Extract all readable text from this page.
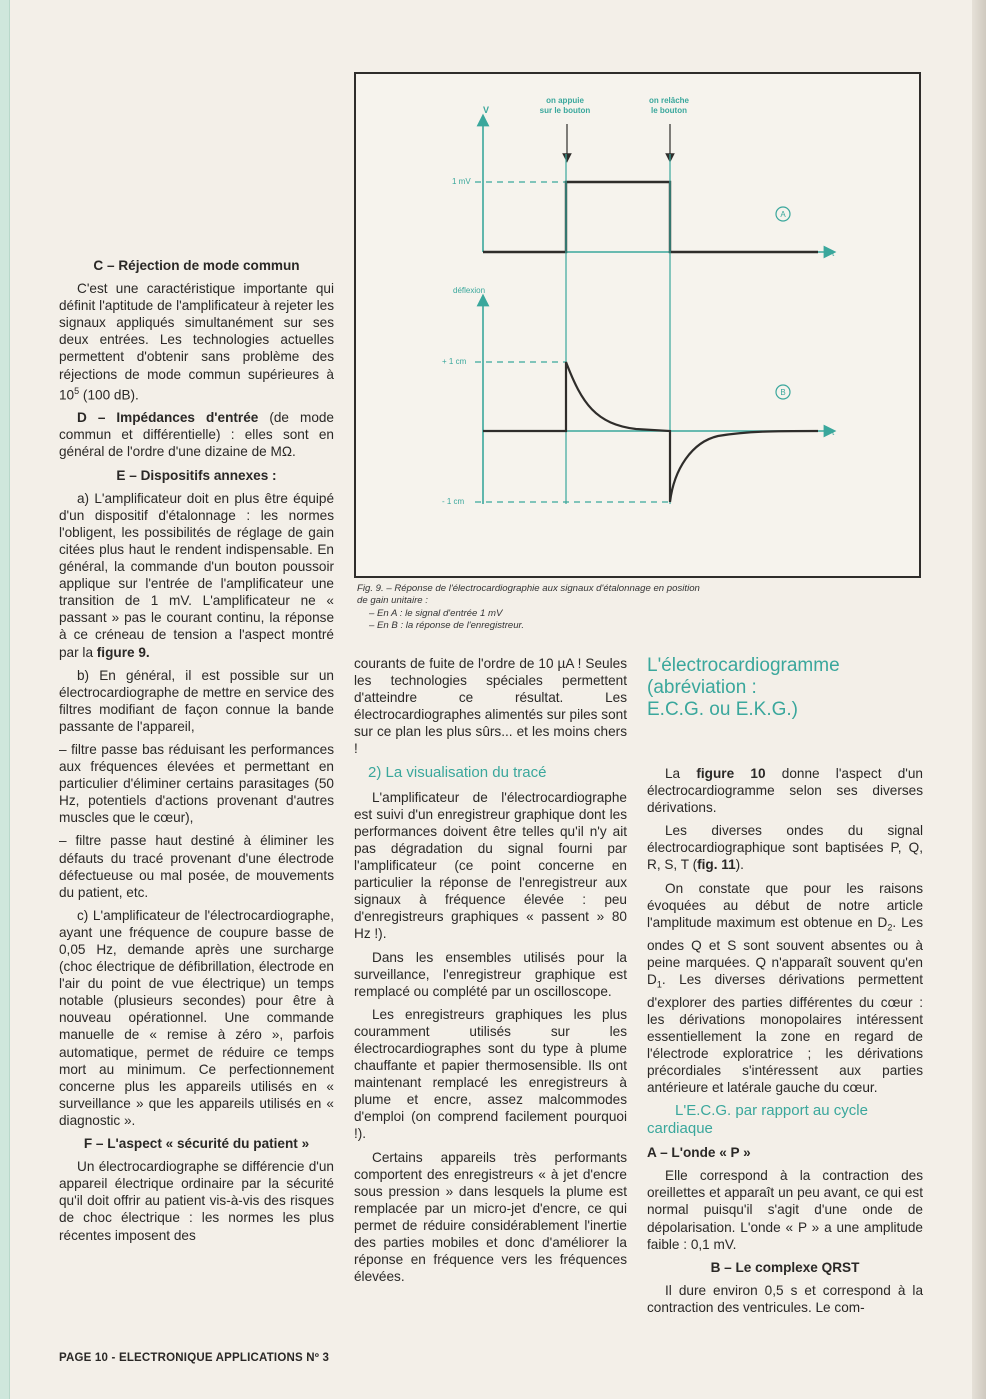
V
on appuie
sur le bouton
on relâche
le bouton
t
1 mV
A
déflexion
t
+ 1 cm
- 1 cm
B
Fig. 9. – Réponse de l'électrocardiographie aux signaux d'étalonnage en position
de gain unitaire :
– En A : le signal d'entrée 1 mV
– En B : la réponse de l'enregistreur.
C – Réjection de mode commun

C'est une caractéristique importante qui définit l'aptitude de l'amplificateur à rejeter les signaux appliqués simultanément sur ses deux entrées. Les technologies actuelles permettent d'obtenir sans problème des réjections de mode commun supérieures à $10^5$ (100 dB).

D – Impédances d'entrée (de mode commun et différentielle) : elles sont en général de l'ordre d'une dizaine de MΩ.

E – Dispositifs annexes :

a) L'amplificateur doit en plus être équipé d'un dispositif d'étalonnage : les normes l'obligent, les possibilités de réglage de gain citées plus haut le rendent indispensable. En général, la commande d'un bouton poussoir applique sur l'entrée de l'amplificateur une transition de 1 mV. L'amplificateur ne « passant » pas le courant continu, la réponse à ce créneau de tension a l'aspect montré par la figure 9.

b) En général, il est possible sur un électrocardiographe de mettre en service des filtres modifiant de façon connue la bande passante de l'appareil,

– filtre passe bas réduisant les performances aux fréquences élevées et permettant en particulier d'éliminer certains parasitages (50 Hz, potentiels d'actions provenant d'autres muscles que le cœur),

– filtre passe haut destiné à éliminer les défauts du tracé provenant d'une électrode défectueuse ou mal posée, de mouvements du patient, etc.

c) L'amplificateur de l'électrocardiographe, ayant une fréquence de coupure basse de 0,05 Hz, demande après une surcharge (choc électrique de défibrillation, électrode en l'air du point de vue électrique) un temps notable (plusieurs secondes) pour être à nouveau opérationnel. Une commande manuelle de « remise à zéro », parfois automatique, permet de réduire ce temps mort au minimum. Ce perfectionnement concerne plus les appareils utilisés en « surveillance » que les appareils utilisés en « diagnostic ».

F – L'aspect « sécurité du patient »

Un électrocardiographe se différencie d'un appareil électrique ordinaire par la sécurité qu'il doit offrir au patient vis-à-vis des risques de choc électrique : les normes les plus récentes imposent des

courants de fuite de l'ordre de 10 µA ! Seules les technologies spéciales permettent d'atteindre ce résultat. Les électrocardiographes alimentés sur piles sont sur ce plan les plus sûrs... et les moins chers !

2) La visualisation du tracé

L'amplificateur de l'électrocardiographe est suivi d'un enregistreur graphique dont les performances doivent être telles qu'il n'y ait pas dégradation du signal fourni par l'amplificateur (ce point concerne en particulier la réponse de l'enregistreur aux signaux à fréquence élevée : peu d'enregistreurs graphiques « passent » 80 Hz !).

Dans les ensembles utilisés pour la surveillance, l'enregistreur graphique est remplacé ou complété par un oscilloscope.

Les enregistreurs graphiques les plus couramment utilisés sur les électrocardiographes sont du type à plume chauffante et papier thermosensible. Ils ont maintenant remplacé les enregistreurs à plume et encre, assez malcommodes d'emploi (on comprend facilement pourquoi !).

Certains appareils très performants comportent des enregistreurs « à jet d'encre sous pression » dans lesquels la plume est remplacée par un micro-jet d'encre, ce qui permet de réduire considérablement l'inertie des parties mobiles et donc d'améliorer la réponse en fréquence vers les fréquences élevées.

L'électrocardiogramme
(abréviation :
E.C.G. ou E.K.G.)

La figure 10 donne l'aspect d'un électrocardiogramme selon ses diverses dérivations.

Les diverses ondes du signal électrocardiographique sont baptisées P, Q, R, S, T (fig. 11).

On constate que pour les raisons évoquées au début de notre article l'amplitude maximum est obtenue en $D_2$. Les ondes Q et S sont souvent absentes ou à peine marquées. Q n'apparaît souvent qu'en $D_1$. Les diverses dérivations permettent d'explorer des parties différentes du cœur : les dérivations monopolaires intéressent essentiellement la zone en regard de l'électrode exploratrice ; les dérivations précordiales s'intéressent aux parties antérieure et latérale gauche du cœur.

L'E.C.G. par rapport au cycle cardiaque

A – L'onde « P »

Elle correspond à la contraction des oreillettes et apparaît un peu avant, ce qui est normal puisqu'il s'agit d'une onde de dépolarisation. L'onde « P » a une amplitude faible : 0,1 mV.

B – Le complexe QRST

Il dure environ 0,5 s et correspond à la contraction des ventricules. Le com-

PAGE 10 - ELECTRONIQUE APPLICATIONS Nº 3
